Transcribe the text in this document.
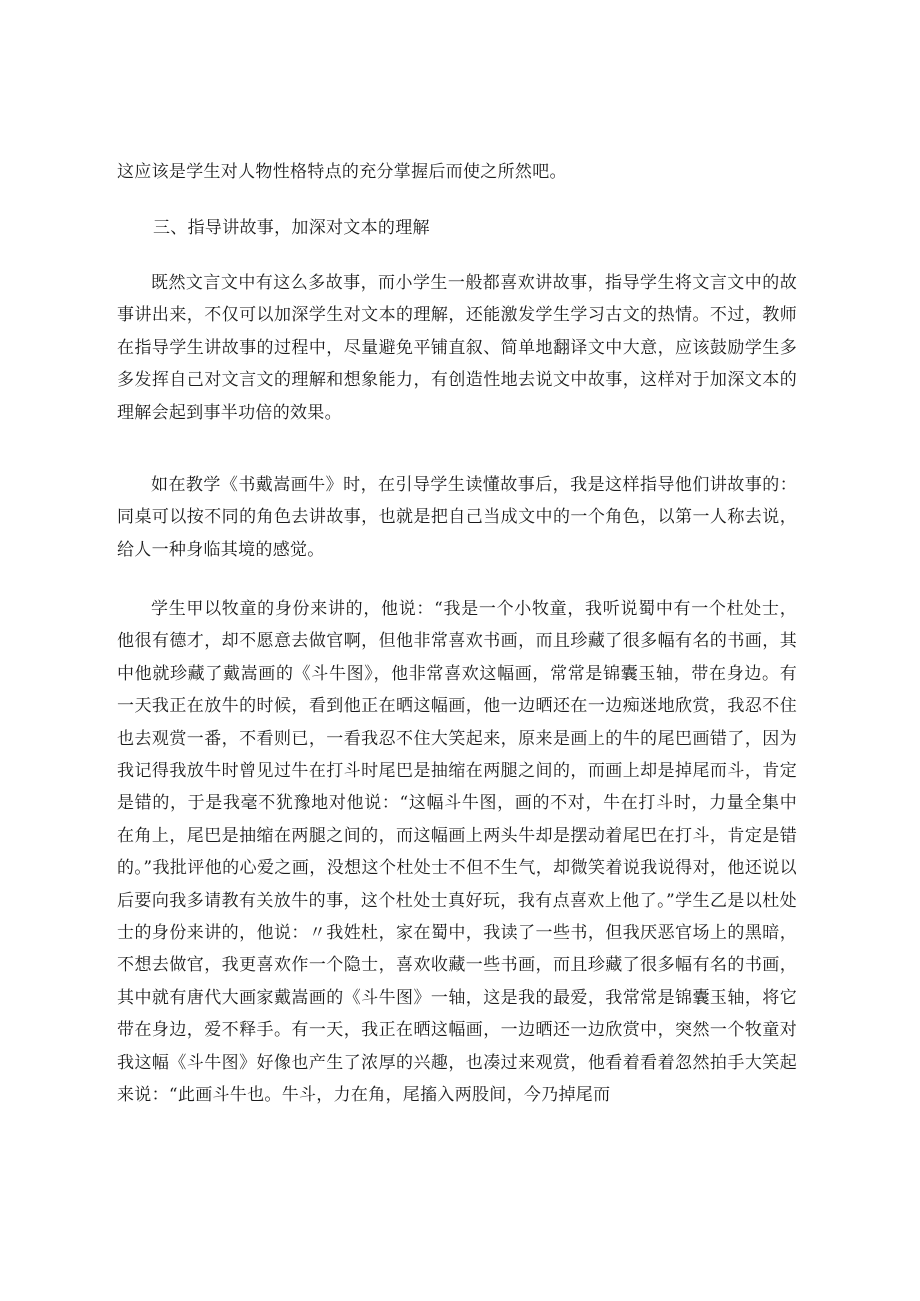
这应该是学生对人物性格特点的充分掌握后而使之所然吧。

三、指导讲故事，加深对文本的理解

既然文言文中有这么多故事，而小学生一般都喜欢讲故事，指导学生将文言文中的故事讲出来，不仅可以加深学生对文本的理解，还能激发学生学习古文的热情。不过，教师在指导学生讲故事的过程中，尽量避免平铺直叙、简单地翻译文中大意，应该鼓励学生多多发挥自己对文言文的理解和想象能力，有创造性地去说文中故事，这样对于加深文本的理解会起到事半功倍的效果。

如在教学《书戴嵩画牛》时，在引导学生读懂故事后，我是这样指导他们讲故事的：同桌可以按不同的角色去讲故事，也就是把自己当成文中的一个角色，以第一人称去说，给人一种身临其境的感觉。

学生甲以牧童的身份来讲的，他说：“我是一个小牧童，我听说蜀中有一个杜处士，他很有德才，却不愿意去做官啊，但他非常喜欢书画，而且珍藏了很多幅有名的书画，其中他就珍藏了戴嵩画的《斗牛图》，他非常喜欢这幅画，常常是锦囊玉轴，带在身边。有一天我正在放牛的时候，看到他正在晒这幅画，他一边晒还在一边痴迷地欣赏，我忍不住也去观赏一番，不看则已，一看我忍不住大笑起来，原来是画上的牛的尾巴画错了，因为我记得我放牛时曾见过牛在打斗时尾巴是抽缩在两腿之间的，而画上却是掉尾而斗，肯定是错的，于是我毫不犹豫地对他说：“这幅斗牛图，画的不对，牛在打斗时，力量全集中在角上，尾巴是抽缩在两腿之间的，而这幅画上两头牛却是摆动着尾巴在打斗，肯定是错的。”我批评他的心爱之画，没想这个杜处士不但不生气，却微笑着说我说得对，他还说以后要向我多请教有关放牛的事，这个杜处士真好玩，我有点喜欢上他了。”学生乙是以杜处士的身份来讲的，他说：〃我姓杜，家在蜀中，我读了一些书，但我厌恶官场上的黑暗，不想去做官，我更喜欢作一个隐士，喜欢收藏一些书画，而且珍藏了很多幅有名的书画，其中就有唐代大画家戴嵩画的《斗牛图》一轴，这是我的最爱，我常常是锦囊玉轴，将它带在身边，爱不释手。有一天，我正在晒这幅画，一边晒还一边欣赏中，突然一个牧童对我这幅《斗牛图》好像也产生了浓厚的兴趣，也凑过来观赏，他看着看着忽然拍手大笑起来说：“此画斗牛也。牛斗，力在角，尾搐入两股间，今乃掉尾而
